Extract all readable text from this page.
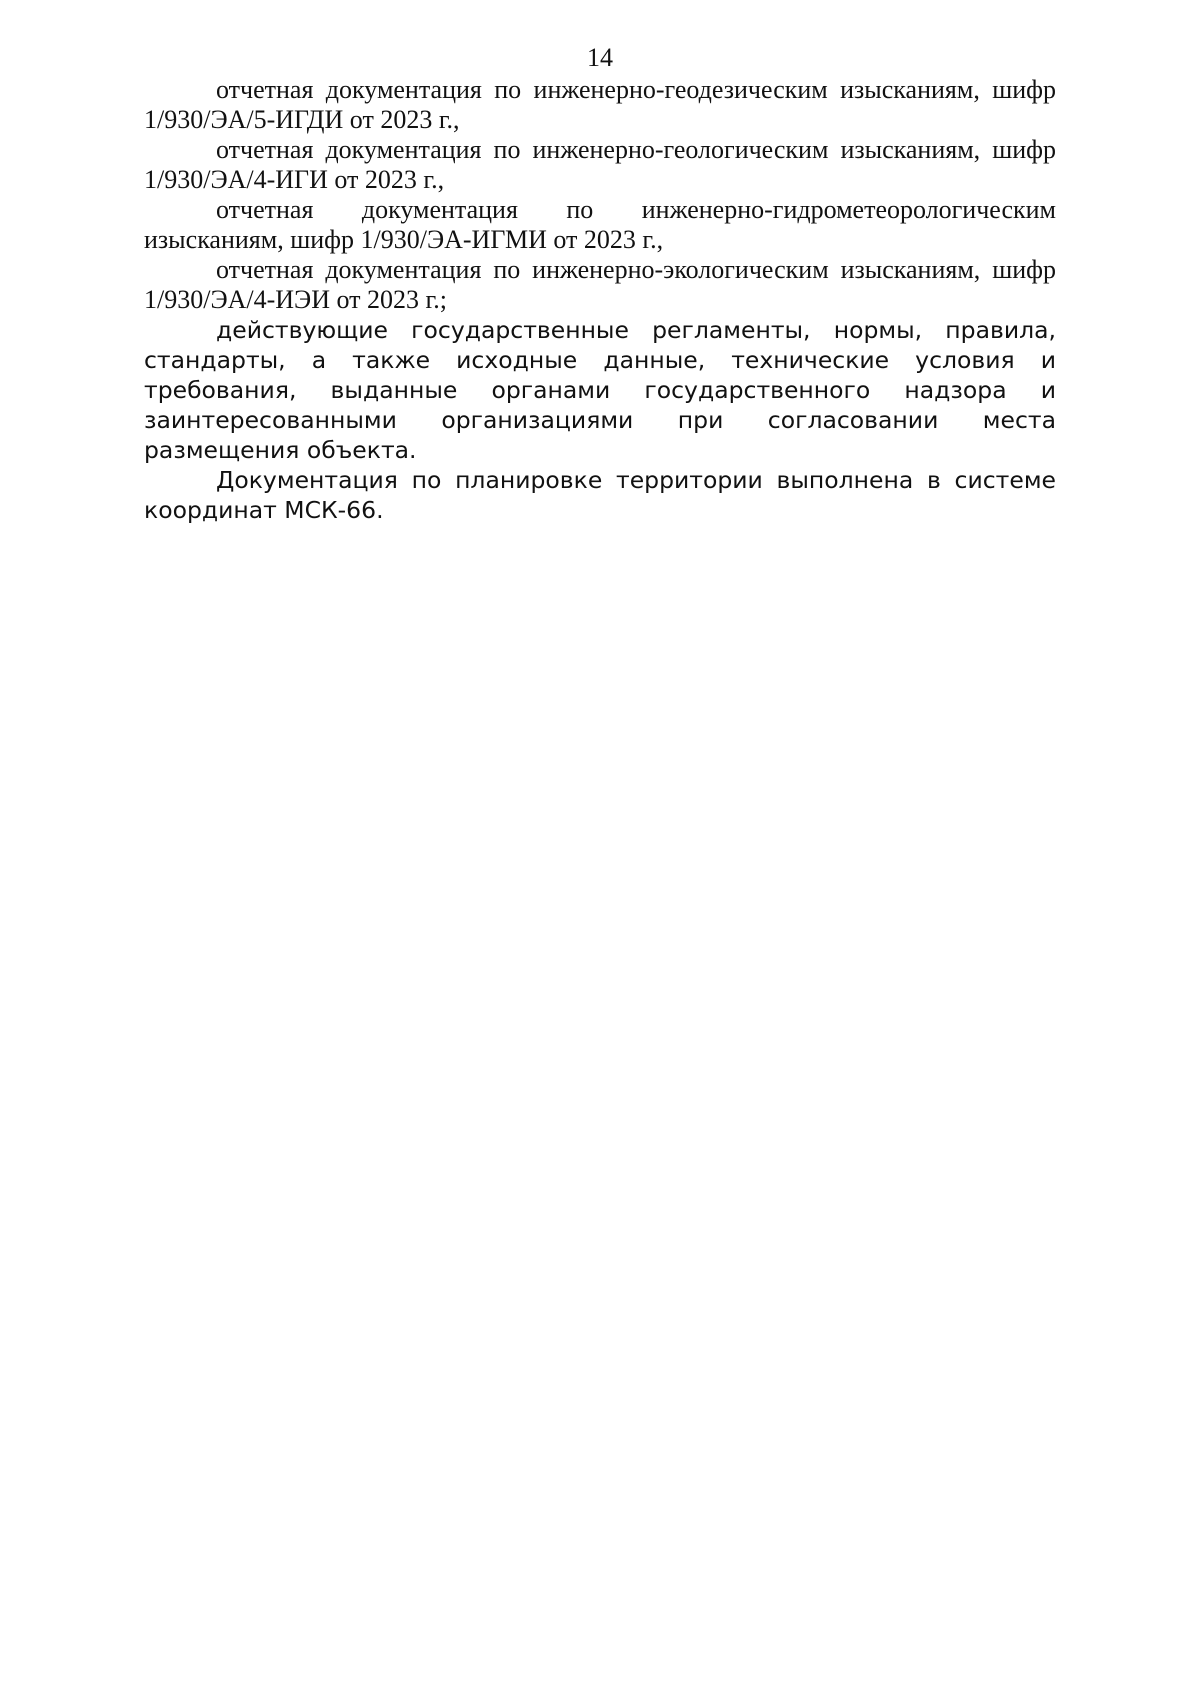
14

отчетная документация по инженерно-геодезическим изысканиям, шифр 1/930/ЭА/5-ИГДИ от 2023 г.,

отчетная документация по инженерно-геологическим изысканиям, шифр 1/930/ЭА/4-ИГИ от 2023 г.,

отчетная документация по инженерно-гидрометеорологическим изысканиям, шифр 1/930/ЭА-ИГМИ от 2023 г.,

отчетная документация по инженерно-экологическим изысканиям, шифр 1/930/ЭА/4-ИЭИ от 2023 г.;

действующие государственные регламенты, нормы, правила, стандарты, а также исходные данные, технические условия и требования, выданные органами государственного надзора и заинтересованными организациями при согласовании места размещения объекта.

Документация по планировке территории выполнена в системе координат МСК-66.
